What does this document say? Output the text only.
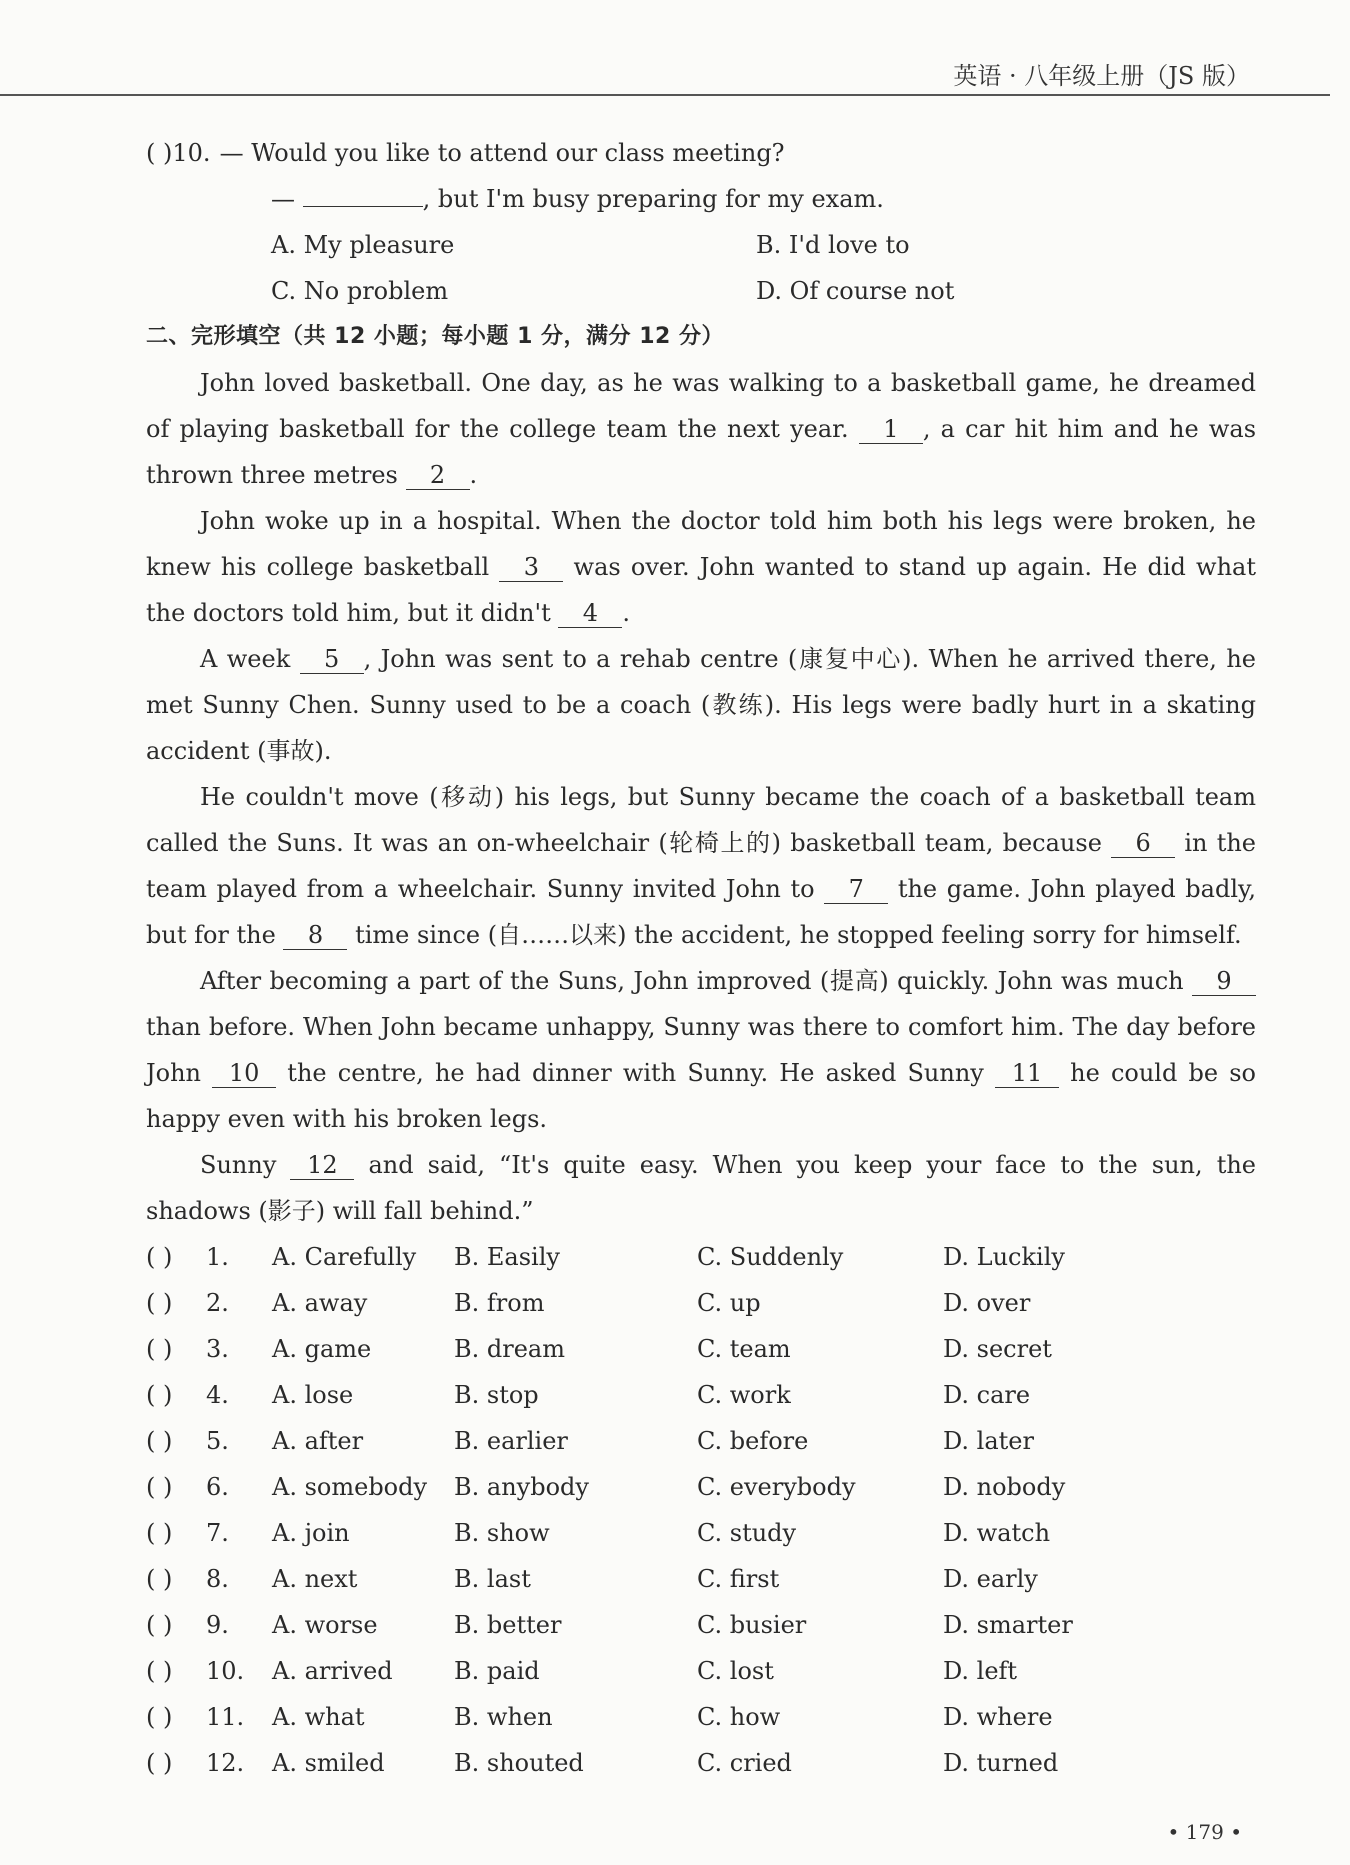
英语 · 八年级上册（JS 版）
( )10. — Would you like to attend our class meeting?
—	, but I'm busy preparing for my exam.
A. My pleasure	B. I'd love to
C. No problem	D. Of course not
二、完形填空（共 12 小题；每小题 1 分，满分 12 分）

John loved basketball. One day, as he was walking to a basketball game, he dreamed of playing basketball for the college team the next year. 1 , a car hit him and he was thrown three metres 2 .

John woke up in a hospital. When the doctor told him both his legs were broken, he knew his college basketball 3 was over. John wanted to stand up again. He did what the doctors told him, but it didn't 4 .

A week 5 , John was sent to a rehab centre (康复中心). When he arrived there, he met Sunny Chen. Sunny used to be a coach (教练). His legs were badly hurt in a skating accident (事故).

He couldn't move (移动) his legs, but Sunny became the coach of a basketball team called the Suns. It was an on-wheelchair (轮椅上的) basketball team, because 6 in the team played from a wheelchair. Sunny invited John to 7 the game. John played badly, but for the 8 time since (自……以来) the accident, he stopped feeling sorry for himself.

After becoming a part of the Suns, John improved (提高) quickly. John was much 9 than before. When John became unhappy, Sunny was there to comfort him. The day before John 10 the centre, he had dinner with Sunny. He asked Sunny 11 he could be so happy even with his broken legs.

Sunny 12 and said, “It's quite easy. When you keep your face to the sun, the shadows (影子) will fall behind.”

( )	1.	A. Carefully	B. Easily	C. Suddenly	D. Luckily
( )	2.	A. away	B. from	C. up	D. over
( )	3.	A. game	B. dream	C. team	D. secret
( )	4.	A. lose	B. stop	C. work	D. care
( )	5.	A. after	B. earlier	C. before	D. later
( )	6.	A. somebody	B. anybody	C. everybody	D. nobody
( )	7.	A. join	B. show	C. study	D. watch
( )	8.	A. next	B. last	C. first	D. early
( )	9.	A. worse	B. better	C. busier	D. smarter
( )	10.	A. arrived	B. paid	C. lost	D. left
( )	11.	A. what	B. when	C. how	D. where
( )	12.	A. smiled	B. shouted	C. cried	D. turned
• 179 •
